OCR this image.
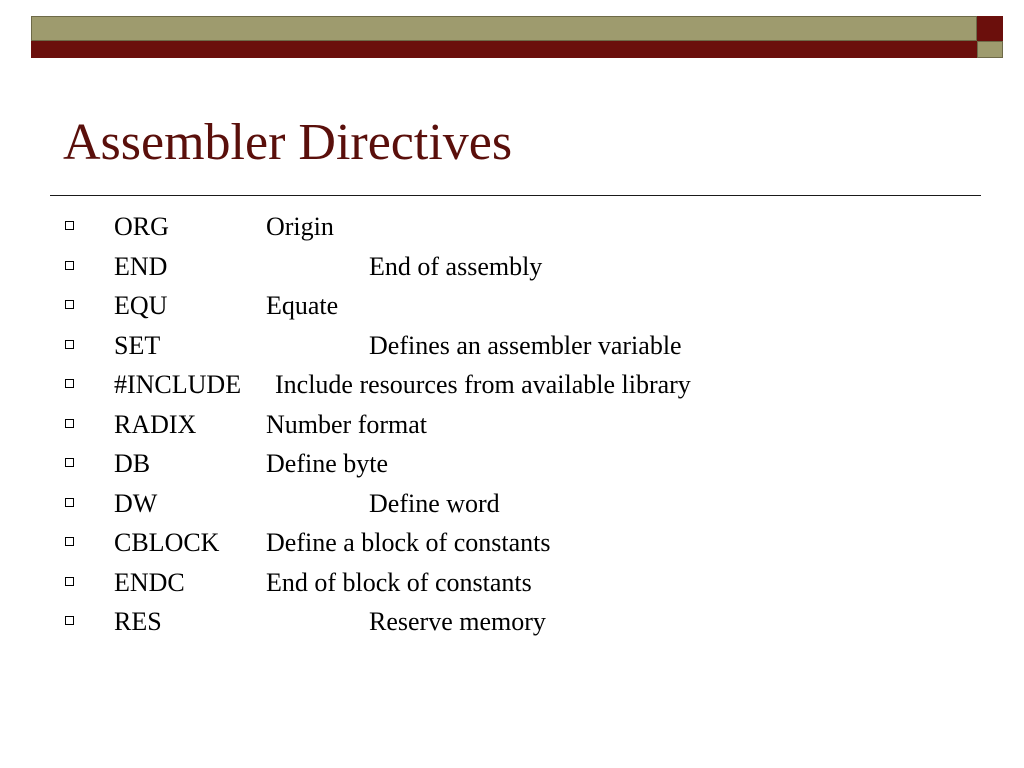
Assembler Directives
ORG	Origin
END	End of assembly
EQU	Equate
SET	Defines an assembler variable
#INCLUDE Include resources from available library
RADIX	Number format
DB	Define byte
DW	Define word
CBLOCK Define a block of constants
ENDC	End of block of constants
RES	Reserve memory
